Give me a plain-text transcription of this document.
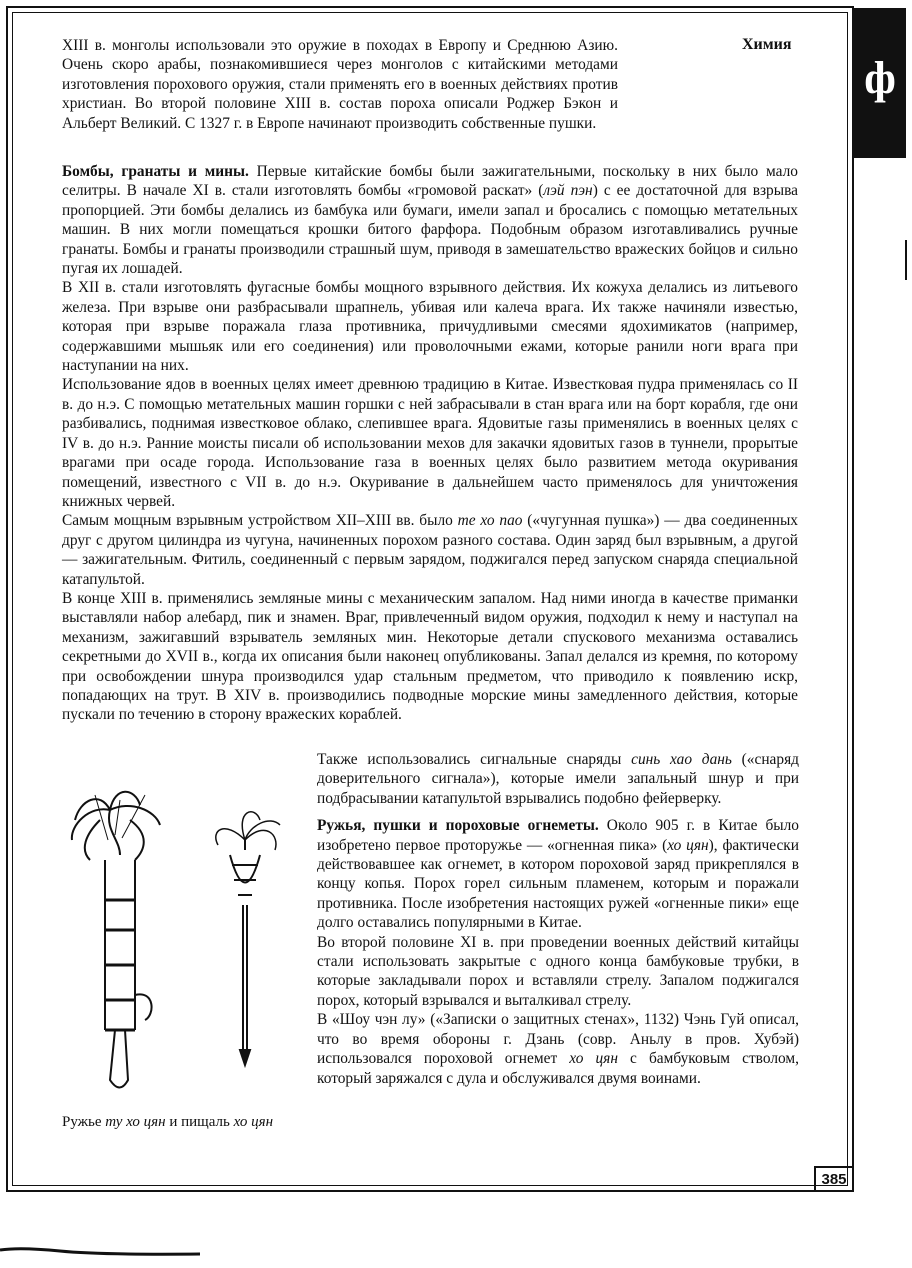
ф
Химия

XIII в. монголы использовали это оружие в походах в Европу и Среднюю Азию. Очень скоро арабы, познакомившиеся через монголов с китайскими методами изготовления порохового оружия, стали применять его в военных действиях против христиан. Во второй половине XIII в. состав пороха описали Роджер Бэкон и Альберт Великий. С 1327 г. в Европе начинают производить собственные пушки.

Бомбы, гранаты и мины. Первые китайские бомбы были зажигательными, поскольку в них было мало селитры. В начале XI в. стали изготовлять бомбы «громовой раскат» (лэй пэн) с ее достаточной для взрыва пропорцией. Эти бомбы делались из бамбука или бумаги, имели запал и бросались с помощью метательных машин. В них могли помещаться крошки битого фарфора. Подобным образом изготавливались ручные гранаты. Бомбы и гранаты производили страшный шум, приводя в замешательство вражеских бойцов и сильно пугая их лошадей.

В XII в. стали изготовлять фугасные бомбы мощного взрывного действия. Их кожуха делались из литьевого железа. При взрыве они разбрасывали шрапнель, убивая или калеча врага. Их также начиняли известью, которая при взрыве поражала глаза противника, причудливыми смесями ядохимикатов (например, содержавшими мышьяк или его соединения) или проволочными ежами, которые ранили ноги врага при наступании на них.

Использование ядов в военных целях имеет древнюю традицию в Китае. Известковая пудра применялась со II в. до н.э. С помощью метательных машин горшки с ней забрасывали в стан врага или на борт корабля, где они разбивались, поднимая известковое облако, слепившее врага. Ядовитые газы применялись в военных целях с IV в. до н.э. Ранние моисты писали об использовании мехов для закачки ядовитых газов в туннели, прорытые врагами при осаде города. Использование газа в военных целях было развитием метода окуривания помещений, известного с VII в. до н.э. Окуривание в дальнейшем часто применялось для уничтожения книжных червей.

Самым мощным взрывным устройством XII–XIII вв. было те хо пао («чугунная пушка») — два соединенных друг с другом цилиндра из чугуна, начиненных порохом разного состава. Один заряд был взрывным, а другой — зажигательным. Фитиль, соединенный с первым зарядом, поджигался перед запуском снаряда специальной катапультой.

В конце XIII в. применялись земляные мины с механическим запалом. Над ними иногда в качестве приманки выставляли набор алебард, пик и знамен. Враг, привлеченный видом оружия, подходил к нему и наступал на механизм, зажигавший взрыватель земляных мин. Некоторые детали спускового механизма оставались секретными до XVII в., когда их описания были наконец опубликованы. Запал делался из кремня, по которому при освобождении шнура производился удар стальным предметом, что приводило к появлению искр, попадающих на трут. В XIV в. производились подводные морские мины замедленного действия, которые пускали по течению в сторону вражеских кораблей.

Также использовались сигнальные снаряды синь хао дань («снаряд доверительного сигнала»), которые имели запальный шнур и при подбрасывании катапультой взрывались подобно фейерверку.

Ружья, пушки и пороховые огнеметы. Около 905 г. в Китае было изобретено первое проторужье — «огненная пика» (хо цян), фактически действовавшее как огнемет, в котором пороховой заряд прикреплялся в концу копья. Порох горел сильным пламенем, которым и поражали противника. После изобретения настоящих ружей «огненные пики» еще долго оставались популярными в Китае.

Во второй половине XI в. при проведении военных действий китайцы стали использовать закрытые с одного конца бамбуковые трубки, в которые закладывали порох и вставляли стрелу. Запалом поджигался порох, который взрывался и выталкивал стрелу.

В «Шоу чэн лу» («Записки о защитных стенах», 1132) Чэнь Гуй описал, что во время обороны г. Дзань (совр. Аньлу в пров. Хубэй) использовался пороховой огнемет хо цян с бамбуковым стволом, который заряжался с дула и обслуживался двумя воинами.

Ружье ту хо цян и пищаль хо цян
385
